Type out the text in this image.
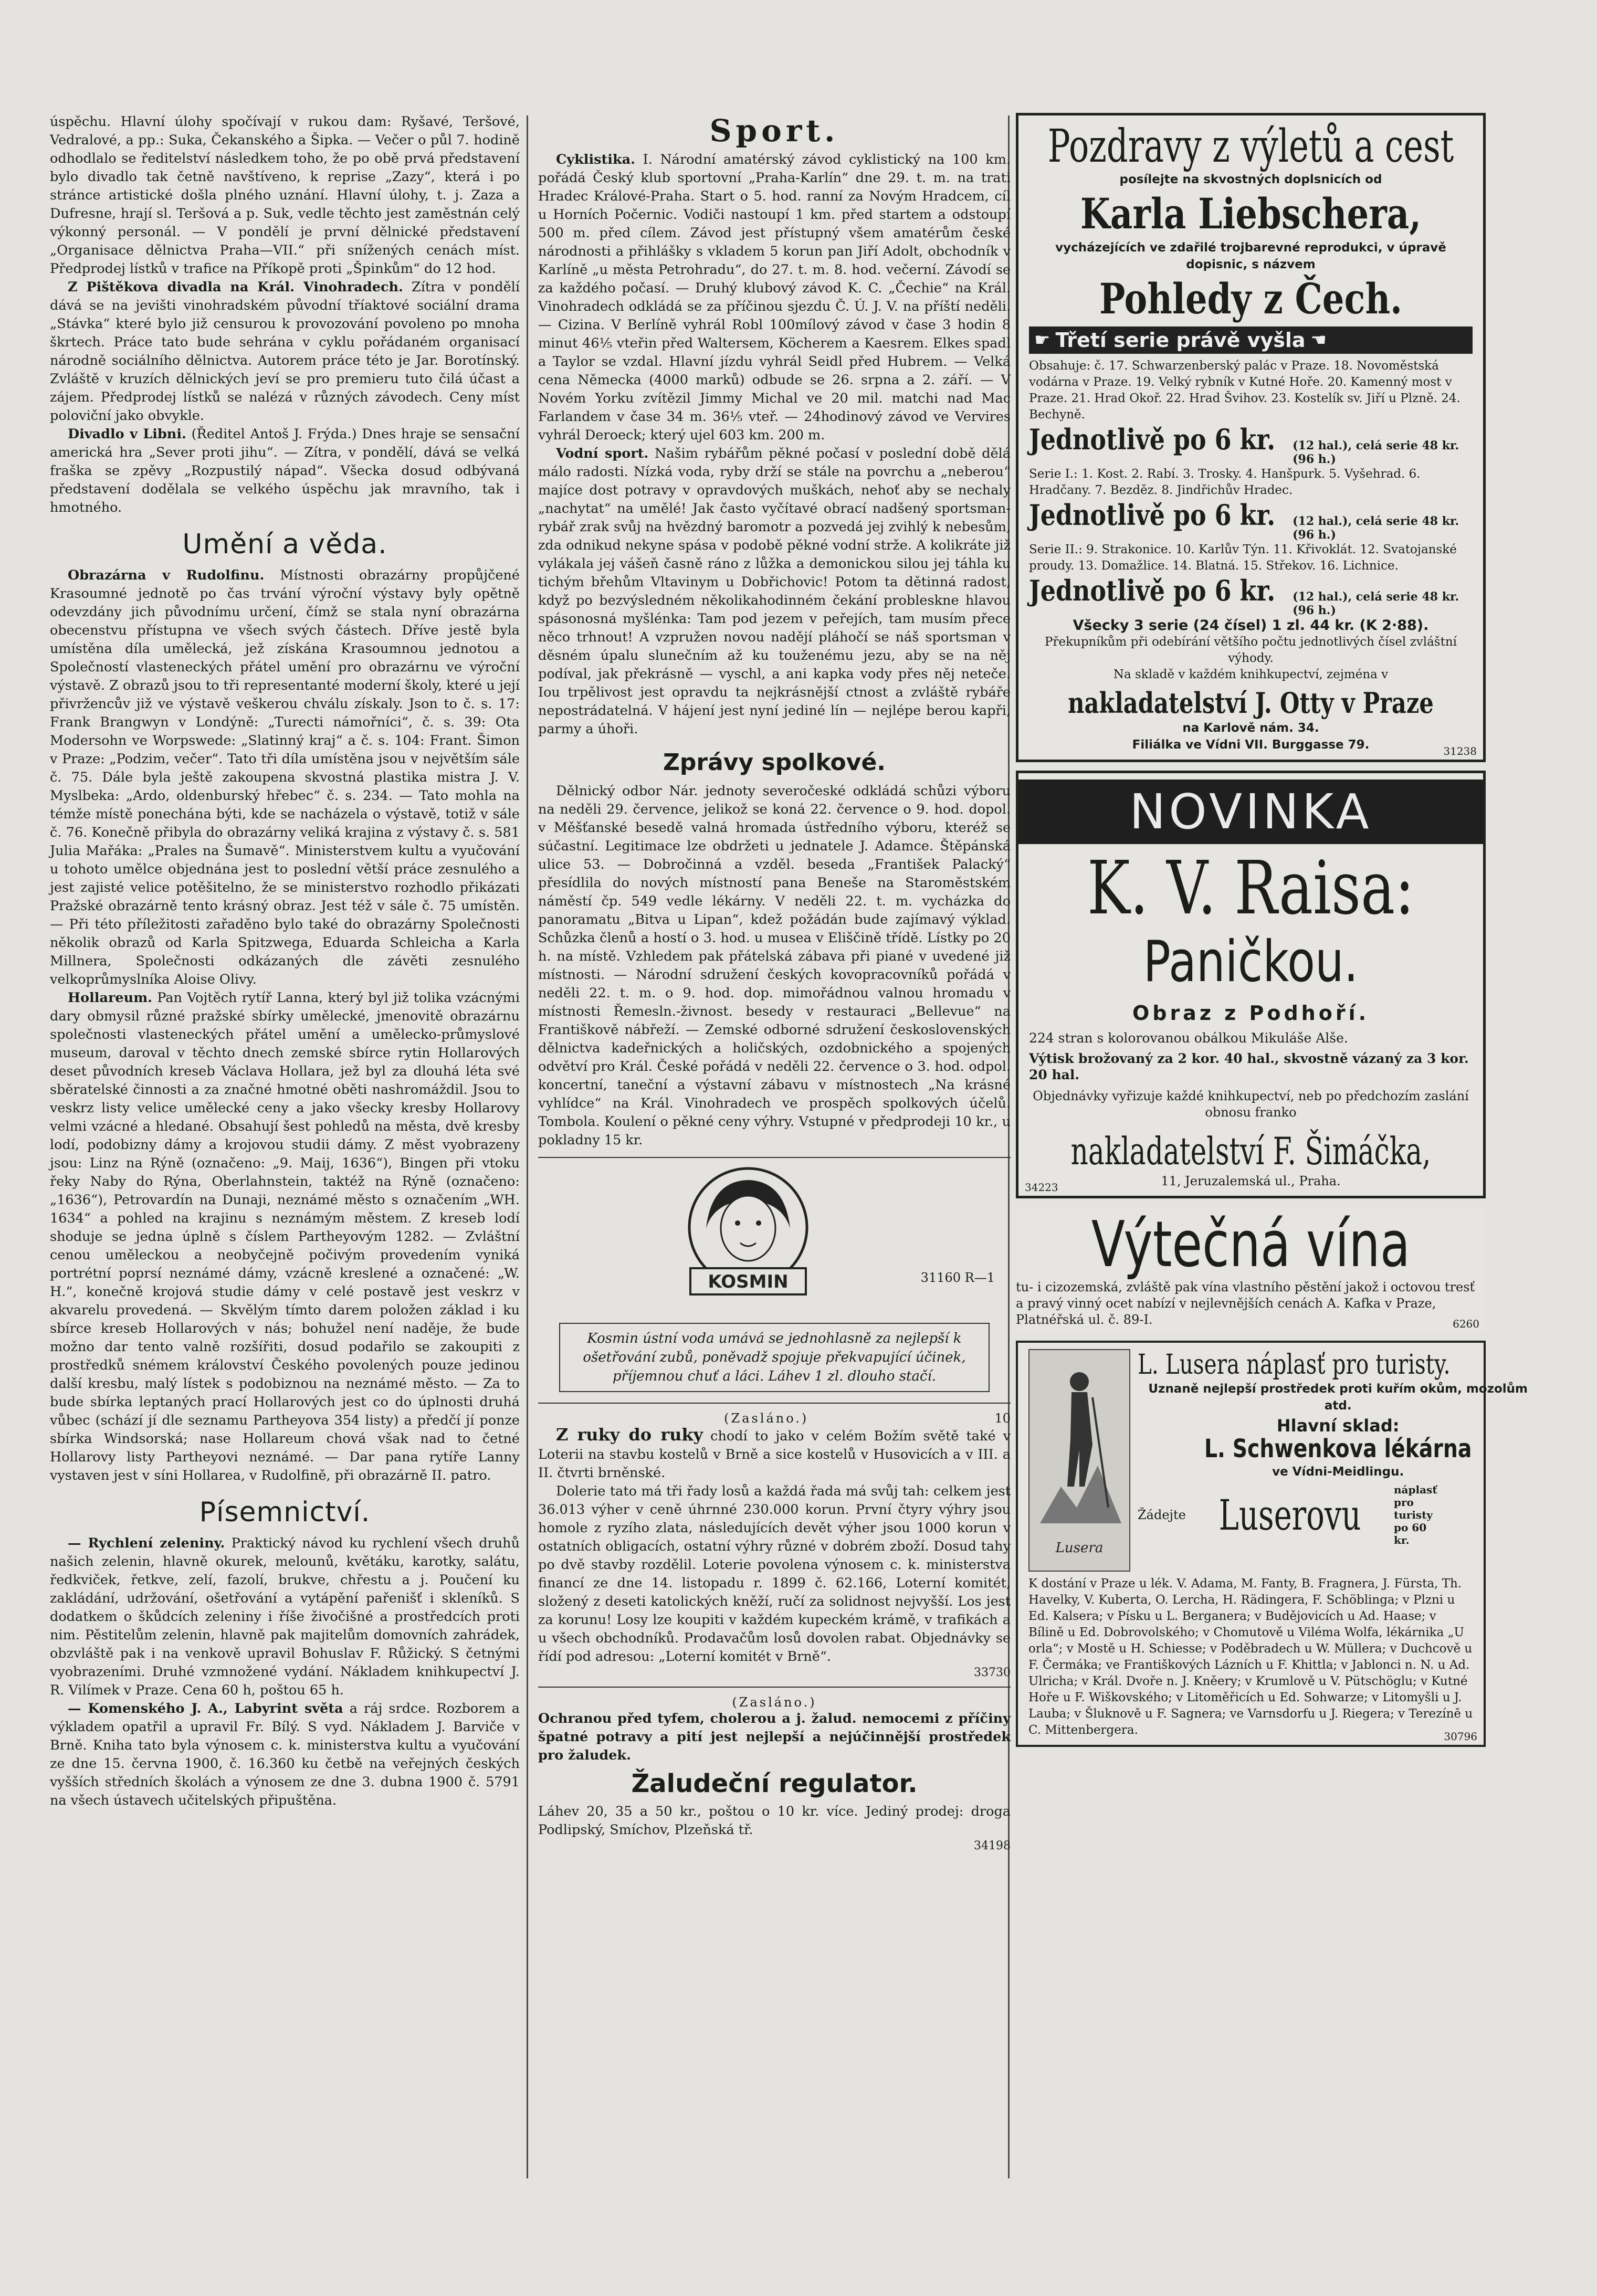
úspěchu. Hlavní úlohy spočívají v rukou dam: Ryšavé, Teršové, Vedralové, a pp.: Suka, Čekanského a Šipka. — Večer o půl 7. hodině odhodlalo se ředitelství následkem toho, že po obě prvá představení bylo divadlo tak četně navštíveno, k reprise „Zazy“, která i po stránce artistické došla plného uznání. Hlavní úlohy, t. j. Zaza a Dufresne, hrají sl. Teršová a p. Suk, vedle těchto jest zaměstnán celý výkonný personál. — V pondělí je první dělnické představení „Organisace dělnictva Praha—VII.“ při snížených cenách míst. Předprodej lístků v trafice na Příkopě proti „Špinkům“ do 12 hod.

Z Pištěkova divadla na Král. Vinohradech. Zítra v pondělí dává se na jevišti vinohradském původní tříaktové sociální drama „Stávka“ které bylo již censurou k provozování povoleno po mnoha škrtech. Práce tato bude sehrána v cyklu pořádaném organisací národně sociálního dělnictva. Autorem práce této je Jar. Borotínský. Zvláště v kruzích dělnických jeví se pro premieru tuto čilá účast a zájem. Předprodej lístků se nalézá v různých závodech. Ceny míst poloviční jako obvykle.

Divadlo v Libni. (Ředitel Antoš J. Frýda.) Dnes hraje se sensační americká hra „Sever proti jihu“. — Zítra, v pondělí, dává se velká fraška se zpěvy „Rozpustilý nápad“. Všecka dosud odbývaná představení dodělala se velkého úspěchu jak mravního, tak i hmotného.

Umění a věda.

Obrazárna v Rudolfinu. Místnosti obrazárny propůjčené Krasoumné jednotě po čas trvání výroční výstavy byly opětně odevzdány jich původnímu určení, čímž se stala nyní obrazárna obecenstvu přístupna ve všech svých částech. Dříve jestě byla umístěna díla umělecká, jež získána Krasoumnou jednotou a Společností vlasteneckých přátel umění pro obrazárnu ve výroční výstavě. Z obrazů jsou to tři representanté moderní školy, které u její přivržencův již ve výstavě veškerou chválu získaly. Json to č. s. 17: Frank Brangwyn v Londýně: „Turecti námořníci“, č. s. 39: Ota Modersohn ve Worpswede: „Slatinný kraj“ a č. s. 104: Frant. Šimon v Praze: „Podzim, večer“. Tato tři díla umístěna jsou v největším sále č. 75. Dále byla ještě zakoupena skvostná plastika mistra J. V. Myslbeka: „Ardo, oldenburský hřebec“ č. s. 234. — Tato mohla na témže místě ponechána býti, kde se nacházela o výstavě, totiž v sále č. 76. Konečně přibyla do obrazárny veliká krajina z výstavy č. s. 581 Julia Mařáka: „Prales na Šumavě“. Ministerstvem kultu a vyučování u tohoto umělce objednána jest to poslední větší práce zesnulého a jest zajisté velice potěšitelno, že se ministerstvo rozhodlo přikázati Pražské obrazárně tento krásný obraz. Jest též v sále č. 75 umístěn. — Při této příležitosti zařaděno bylo také do obrazárny Společnosti několik obrazů od Karla Spitzwega, Eduarda Schleicha a Karla Millnera, Společnosti odkázaných dle závěti zesnulého velkoprůmyslníka Aloise Olivy.

Hollareum. Pan Vojtěch rytíř Lanna, který byl již tolika vzácnými dary obmysil různé pražské sbírky umělecké, jmenovitě obrazárnu společnosti vlasteneckých přátel umění a umělecko-průmyslové museum, daroval v těchto dnech zemské sbírce rytin Hollarových deset původních kreseb Václava Hollara, jež byl za dlouhá léta své sběratelské činnosti a za značné hmotné oběti nashromáždil. Jsou to veskrz listy velice umělecké ceny a jako všecky kresby Hollarovy velmi vzácné a hledané. Obsahují šest pohledů na města, dvě kresby lodí, podobizny dámy a krojovou studii dámy. Z měst vyobrazeny jsou: Linz na Rýně (označeno: „9. Maij, 1636“), Bingen při vtoku řeky Naby do Rýna, Oberlahnstein, taktéž na Rýně (označeno: „1636“), Petrovardín na Dunaji, neznámé město s označením „WH. 1634“ a pohled na krajinu s neznámým městem. Z kreseb lodí shoduje se jedna úplně s číslem Partheyovým 1282. — Zvláštní cenou uměleckou a neobyčejně počivým provedením vyniká portrétní poprsí neznámé dámy, vzácně kreslené a označené: „W. H.“, konečně krojová studie dámy v celé postavě jest veskrz v akvarelu provedená. — Skvělým tímto darem položen základ i ku sbírce kreseb Hollarových v nás; bohužel není naděje, že bude možno dar tento valně rozšířiti, dosud podařilo se zakoupiti z prostředků snémem království Českého povolených pouze jedinou další kresbu, malý lístek s podobiznou na neznámé město. — Za to bude sbírka leptaných prací Hollarových jest co do úplnosti druhá vůbec (schází jí dle seznamu Partheyova 354 listy) a předčí jí ponze sbírka Windsorská; nase Hollareum chová však nad to četné Hollarovy listy Partheyovi neznámé. — Dar pana rytíře Lanny vystaven jest v síni Hollarea, v Rudolfině, při obrazárně II. patro.

Písemnictví.

— Rychlení zeleniny. Praktický návod ku rychlení všech druhů našich zelenin, hlavně okurek, melounů, květáku, karotky, salátu, ředkviček, řetkve, zelí, fazolí, brukve, chřestu a j. Poučení ku zakládání, udržování, ošetřování a vytápění pařenišť i skleníků. S dodatkem o škůdcích zeleniny i říše živočišné a prostředcích proti nim. Pěstitelům zelenin, hlavně pak majitelům domovních zahrádek, obzvláště pak i na venkově upravil Bohuslav F. Růžický. S četnými vyobrazeními. Druhé vzmnožené vydání. Nákladem knihkupectví J. R. Vilímek v Praze. Cena 60 h, poštou 65 h.

— Komenského J. A., Labyrint světa a ráj srdce. Rozborem a výkladem opatřil a upravil Fr. Bílý. S vyd. Nákladem J. Barviče v Brně. Kniha tato byla výnosem c. k. ministerstva kultu a vyučování ze dne 15. června 1900, č. 16.360 ku četbě na veřejných českých vyšších středních školách a výnosem ze dne 3. dubna 1900 č. 5791 na všech ústavech učitelských připuštěna.

Sport.

Cyklistika. I. Národní amatérský závod cyklistický na 100 km. pořádá Český klub sportovní „Praha-Karlín“ dne 29. t. m. na trati Hradec Králové-Praha. Start o 5. hod. ranní za Novým Hradcem, cíl u Horních Počernic. Vodiči nastoupí 1 km. před startem a odstoupí 500 m. před cílem. Závod jest přístupný všem amatérům české národnosti a přihlášky s vkladem 5 korun pan Jiří Adolt, obchodník v Karlíně „u města Petrohradu“, do 27. t. m. 8. hod. večerní. Závodí se za každého počasí. — Druhý klubový závod K. C. „Čechie“ na Král. Vinohradech odkládá se za příčinou sjezdu Č. Ú. J. V. na příští neděli. — Cizina. V Berlíně vyhrál Robl 100mílový závod v čase 3 hodin 8 minut 46⅕ vteřin před Waltersem, Köcherem a Kaesrem. Elkes spadl a Taylor se vzdal. Hlavní jízdu vyhrál Seidl před Hubrem. — Velká cena Německa (4000 marků) odbude se 26. srpna a 2. září. — V Novém Yorku zvítězil Jimmy Michal ve 20 mil. matchi nad Mac Farlandem v čase 34 m. 36⅕ vteř. — 24hodinový závod ve Vervires vyhrál Deroeck; který ujel 603 km. 200 m.

Vodní sport. Našim rybářům pěkné počasí v poslední době dělá málo radosti. Nízká voda, ryby drží se stále na povrchu a „neberou“ majíce dost potravy v opravdových muškách, nehoť aby se nechaly „nachytat“ na umělé! Jak často vyčítavé obrací nadšený sportsman-rybář zrak svůj na hvězdný baromotr a pozvedá jej zvihlý k nebesům, zda odnikud nekyne spása v podobě pěkné vodní strže. A kolikráte již vylákala jej vášeň časně ráno z lůžka a demonickou silou jej táhla ku tichým břehům Vltavinym u Dobřichovic! Potom ta dětinná radost, když po bezvýsledném několikahodinném čekání probleskne hlavou spásonosná myšlénka: Tam pod jezem v peřejích, tam musím přece něco trhnout! A vzpružen novou nadějí pláhočí se náš sportsman v děsném úpalu slunečním až ku touženému jezu, aby se na něj podíval, jak překrásně — vyschl, a ani kapka vody přes něj neteče. Iou trpělivost jest opravdu ta nejkrásnější ctnost a zvláště rybáře nepostrádatelná. V hájení jest nyní jediné lín — nejlépe berou kapři, parmy a úhoři.

Zprávy spolkové.

Dělnický odbor Nár. jednoty severočeské odkládá schůzi výboru na neděli 29. července, jelikož se koná 22. července o 9. hod. dopol. v Měšťanské besedě valná hromada ústředního výboru, kteréž se súčastní. Legitimace lze obdržeti u jednatele J. Adamce. Štěpánská ulice 53. — Dobročinná a vzděl. beseda „František Palacký“ přesídlila do nových místností pana Beneše na Staroměstském náměstí čp. 549 vedle lékárny. V neděli 22. t. m. vycházka do panoramatu „Bitva u Lipan“, kdež požádán bude zajímavý výklad. Schůzka členů a hostí o 3. hod. u musea v Eliščině třídě. Lístky po 20 h. na místě. Vzhledem pak přátelská zábava při piané v uvedené již místnosti. — Národní sdružení českých kovopracovníků pořádá v neděli 22. t. m. o 9. hod. dop. mimořádnou valnou hromadu v místnosti Řemesln.-živnost. besedy v restauraci „Bellevue“ na Františkově nábřeží. — Zemské odborné sdružení československých dělnictva kadeřnických a holičských, ozdobnického a spojených odvětví pro Král. České pořádá v neděli 22. července o 3. hod. odpol. koncertní, taneční a výstavní zábavu v místnostech „Na krásné vyhlídce“ na Král. Vinohradech ve prospěch spolkových účelů. Tombola. Koulení o pěkné ceny výhry. Vstupné v předprodeji 10 kr., u pokladny 15 kr.

KOSMIN	31160 R—1
Kosmin ústní voda umává se jednohlasně za nejlepší k ošetřování zubů, poněvadž spojuje překvapující účinek, příjemnou chuť a láci. Láhev 1 zl. dlouho stačí.
(Zasláno.)	10

Z ruky do ruky chodí to jako v celém Božím světě také v Loterii na stavbu kostelů v Brně a sice kostelů v Husovicích a v III. a II. čtvrti brněnské.

Dolerie tato má tři řady losů a každá řada má svůj tah: celkem jest 36.013 výher v ceně úhrnné 230.000 korun. První čtyry výhry jsou homole z ryzího zlata, následujících devět výher jsou 1000 korun v ostatních obligacích, ostatní výhry různé v dobrém zboží. Dosud tahy po dvě stavby rozdělil. Loterie povolena výnosem c. k. ministerstva financí ze dne 14. listopadu r. 1899 č. 62.166, Loterní komitét, složený z deseti katolických kněží, ručí za solidnost nejvyšší. Los jest za korunu! Losy lze koupiti v každém kupeckém krámě, v trafikách a u všech obchodníků. Prodavačům losů dovolen rabat. Objednávky se řídí pod adresou: „Loterní komitét v Brně“.

33730
(Zasláno.)

Ochranou před tyfem, cholerou a j. žalud. nemocemi z příčiny špatné potravy a pití jest nejlepší a nejúčinnější prostředek pro žaludek.

Žaludeční regulator.

Láhev 20, 35 a 50 kr., poštou o 10 kr. více. Jediný prodej: droga Podlipský, Smíchov, Plzeňská tř.

34198
Pozdravy z výletů a cest
posílejte na skvostných doplsnicích od
Karla Liebschera,
vycházejících ve zdařilé trojbarevné reprodukci, v úpravě dopisnic, s názvem
Pohledy z Čech.
☛ Třetí serie právě vyšla ☚
Obsahuje: č. 17. Schwarzenberský palác v Praze. 18. Novoměstská vodárna v Praze. 19. Velký rybník v Kutné Hoře. 20. Kamenný most v Praze. 21. Hrad Okoř. 22. Hrad Švihov. 23. Kostelík sv. Jiří u Plzně. 24. Bechyně.
Jednotlivě po 6 kr. (12 hal.), celá serie 48 kr. (96 h.)
Serie I.: 1. Kost. 2. Rabí. 3. Trosky. 4. Hanšpurk. 5. Vyšehrad. 6. Hradčany. 7. Bezděz. 8. Jindřichův Hradec.
Jednotlivě po 6 kr. (12 hal.), celá serie 48 kr. (96 h.)
Serie II.: 9. Strakonice. 10. Karlův Týn. 11. Křivoklát. 12. Svatojanské proudy. 13. Domažlice. 14. Blatná. 15. Střekov. 16. Lichnice.
Jednotlivě po 6 kr. (12 hal.), celá serie 48 kr. (96 h.)
Všecky 3 serie (24 čísel) 1 zl. 44 kr. (K 2·88).
Překupníkům při odebírání většího počtu jednotlivých čísel zvláštní výhody.
Na skladě v každém knihkupectví, zejména v
nakladatelství J. Otty v Praze
na Karlově nám. 34.
Filiálka ve Vídni VII. Burggasse 79.	31238
NOVINKA
K. V. Raisa:
Paničkou.
Obraz z Podhoří.
224 stran s kolorovanou obálkou Mikuláše Alše.
Výtisk brožovaný za 2 kor. 40 hal., skvostně vázaný za 3 kor. 20 hal.
Objednávky vyřizuje každé knihkupectví, neb po předchozím zaslání obnosu franko
nakladatelství F. Šimáčka,
11, Jeruzalemská ul., Praha.
34223
Výtečná vína
tu- i cizozemská, zvláště pak vína vlastního pěstění jakož i octovou tresť a pravý vinný ocet nabízí v nejlevnějších cenách A. Kafka v Praze, Platnéřská ul. č. 89-I.	6260
Lusera
L. Lusera náplasť pro turisty.
Uznaně nejlepší prostředek proti kuřím okům, mozolům atd.
Hlavní sklad:
L. Schwenkova lékárna
ve Vídni-Meidlingu.
Žádejte Luserovu
náplasť pro turisty po 60 kr.
K dostání v Praze u lék. V. Adama, M. Fanty, B. Fragnera, J. Fürsta, Th. Havelky, V. Kuberta, O. Lercha, H. Rädingera, F. Schöblinga; v Plzni u Ed. Kalsera; v Písku u L. Berganera; v Budějovicích u Ad. Haase; v Bílině u Ed. Dobrovolského; v Chomutově u Viléma Wolfa, lékárnika „U orla“; v Mostě u H. Schiesse; v Poděbradech u W. Müllera; v Duchcově u F. Čermáka; ve Františkových Lázních u F. Khittla; v Jablonci n. N. u Ad. Ulricha; v Král. Dvoře n. J. Kněery; v Krumlově u V. Pütschöglu; v Kutné Hoře u F. Wiškovského; v Litoměřicích u Ed. Sohwarze; v Litomyšli u J. Lauba; v Šluknově u F. Sagnera; ve Varnsdorfu u J. Riegera; v Terezíně u C. Mittenbergera.	30796
